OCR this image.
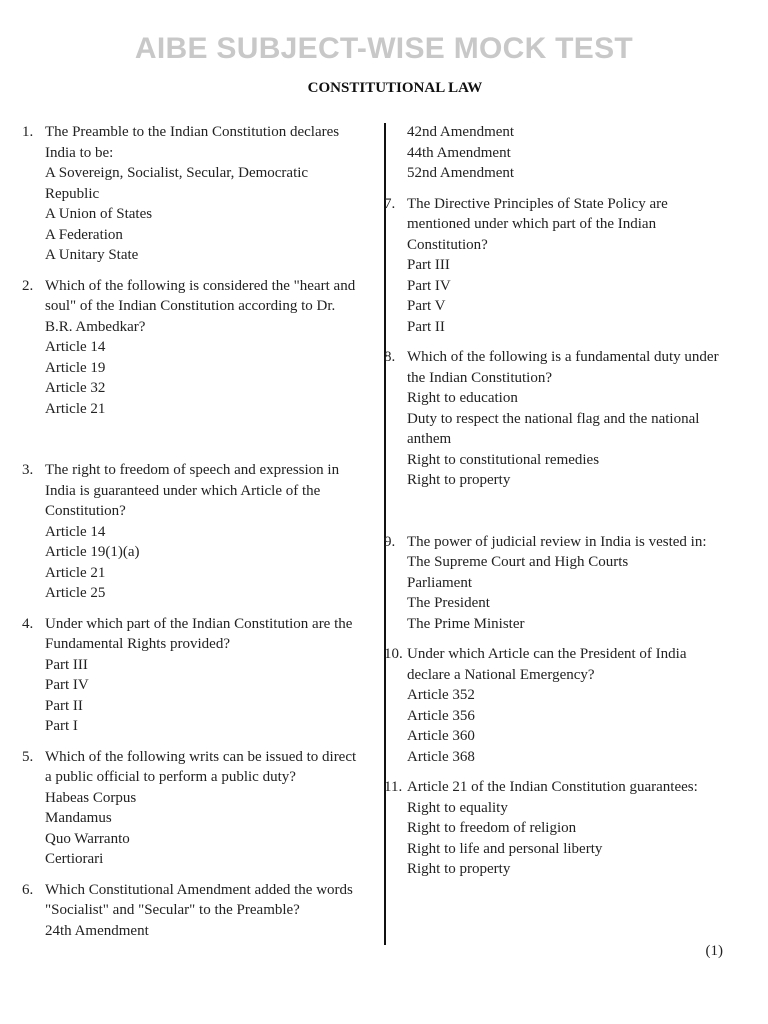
AIBE SUBJECT-WISE MOCK TEST
CONSTITUTIONAL LAW
1. The Preamble to the Indian Constitution declares India to be:
A Sovereign, Socialist, Secular, Democratic Republic
A Union of States
A Federation
A Unitary State
2. Which of the following is considered the "heart and soul" of the Indian Constitution according to Dr. B.R. Ambedkar?
Article 14
Article 19
Article 32
Article 21
3. The right to freedom of speech and expression in India is guaranteed under which Article of the Constitution?
Article 14
Article 19(1)(a)
Article 21
Article 25
4. Under which part of the Indian Constitution are the Fundamental Rights provided?
Part III
Part IV
Part II
Part I
5. Which of the following writs can be issued to direct a public official to perform a public duty?
Habeas Corpus
Mandamus
Quo Warranto
Certiorari
6. Which Constitutional Amendment added the words "Socialist" and "Secular" to the Preamble?
24th Amendment
42nd Amendment
44th Amendment
52nd Amendment
7. The Directive Principles of State Policy are mentioned under which part of the Indian Constitution?
Part III
Part IV
Part V
Part II
8. Which of the following is a fundamental duty under the Indian Constitution?
Right to education
Duty to respect the national flag and the national anthem
Right to constitutional remedies
Right to property
9. The power of judicial review in India is vested in:
The Supreme Court and High Courts
Parliament
The President
The Prime Minister
10. Under which Article can the President of India declare a National Emergency?
Article 352
Article 356
Article 360
Article 368
11. Article 21 of the Indian Constitution guarantees:
Right to equality
Right to freedom of religion
Right to life and personal liberty
Right to property
(1)
